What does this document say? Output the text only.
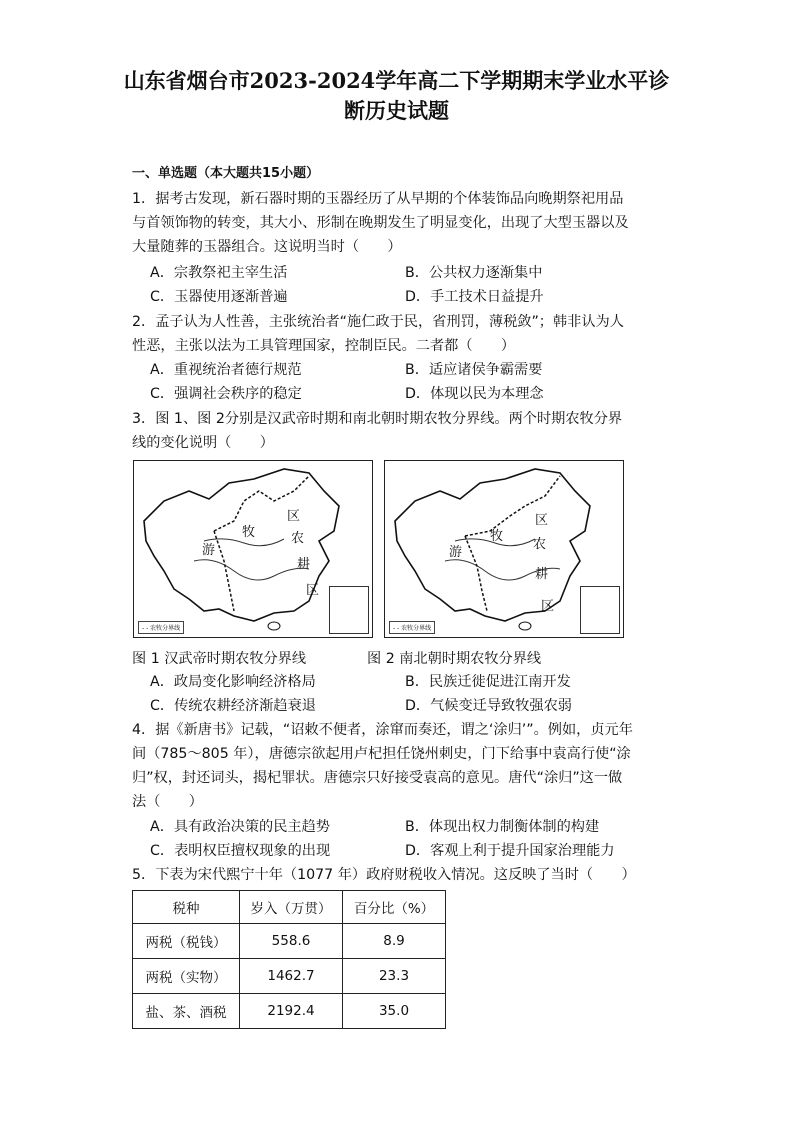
山东省烟台市2023-2024学年高二下学期期末学业水平诊
断历史试题
一、单选题（本大题共15小题）
1．据考古发现，新石器时期的玉器经历了从早期的个体装饰品向晚期祭祀用品
与首领饰物的转变，其大小、形制在晚期发生了明显变化，出现了大型玉器以及
大量随葬的玉器组合。这说明当时（　　）
A．宗教祭祀主宰生活	B．公共权力逐渐集中
C．玉器使用逐渐普遍	D．手工技术日益提升
2．孟子认为人性善，主张统治者“施仁政于民，省刑罚，薄税敛”；韩非认为人
性恶，主张以法为工具管理国家，控制臣民。二者都（　　）
A．重视统治者德行规范	B．适应诸侯争霸需要
C．强调社会秩序的稳定	D．体现以民为本理念
3．图 1、图 2分别是汉武帝时期和南北朝时期农牧分界线。两个时期农牧分界
线的变化说明（　　）
区
牧	农
游
耕
区
- - 农牧分界线
区
牧
农
游
耕
区
- - 农牧分界线
图 1 汉武帝时期农牧分界线	图 2 南北朝时期农牧分界线
A．政局变化影响经济格局	B．民族迁徙促进江南开发
C．传统农耕经济渐趋衰退	D．气候变迁导致牧强农弱
4．据《新唐书》记载，“诏敕不便者，涂窜而奏还，谓之‘涂归’”。例如，贞元年
间（785～805 年），唐德宗欲起用卢杞担任饶州刺史，门下给事中袁高行使“涂
归”权，封还词头，揭杞罪状。唐德宗只好接受袁高的意见。唐代“涂归”这一做
法（　　）
A．具有政治决策的民主趋势	B．体现出权力制衡体制的构建
C．表明权臣擅权现象的出现	D．客观上利于提升国家治理能力
5．下表为宋代熙宁十年（1077 年）政府财税收入情况。这反映了当时（　　）
税种	岁入（万贯）	百分比（%）
两税（税钱）	558.6	8.9
两税（实物）	1462.7	23.3
盐、茶、酒税	2192.4	35.0
